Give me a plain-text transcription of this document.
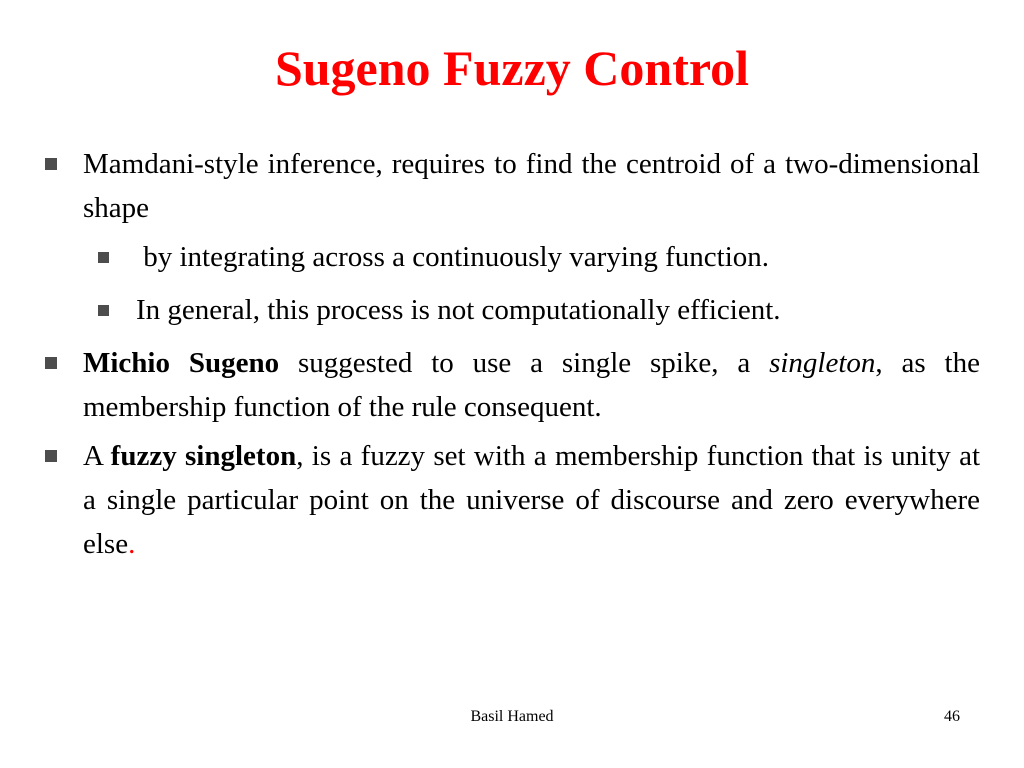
Sugeno Fuzzy Control
Mamdani-style inference, requires to find the centroid of a two-dimensional shape
by integrating across a continuously varying function.
In general, this process is not computationally efficient.
Michio Sugeno suggested to use a single spike, a singleton, as the membership function of the rule consequent.
A fuzzy singleton, is a fuzzy set with a membership function that is unity at a single particular point on the universe of discourse and zero everywhere else.
Basil Hamed	46
